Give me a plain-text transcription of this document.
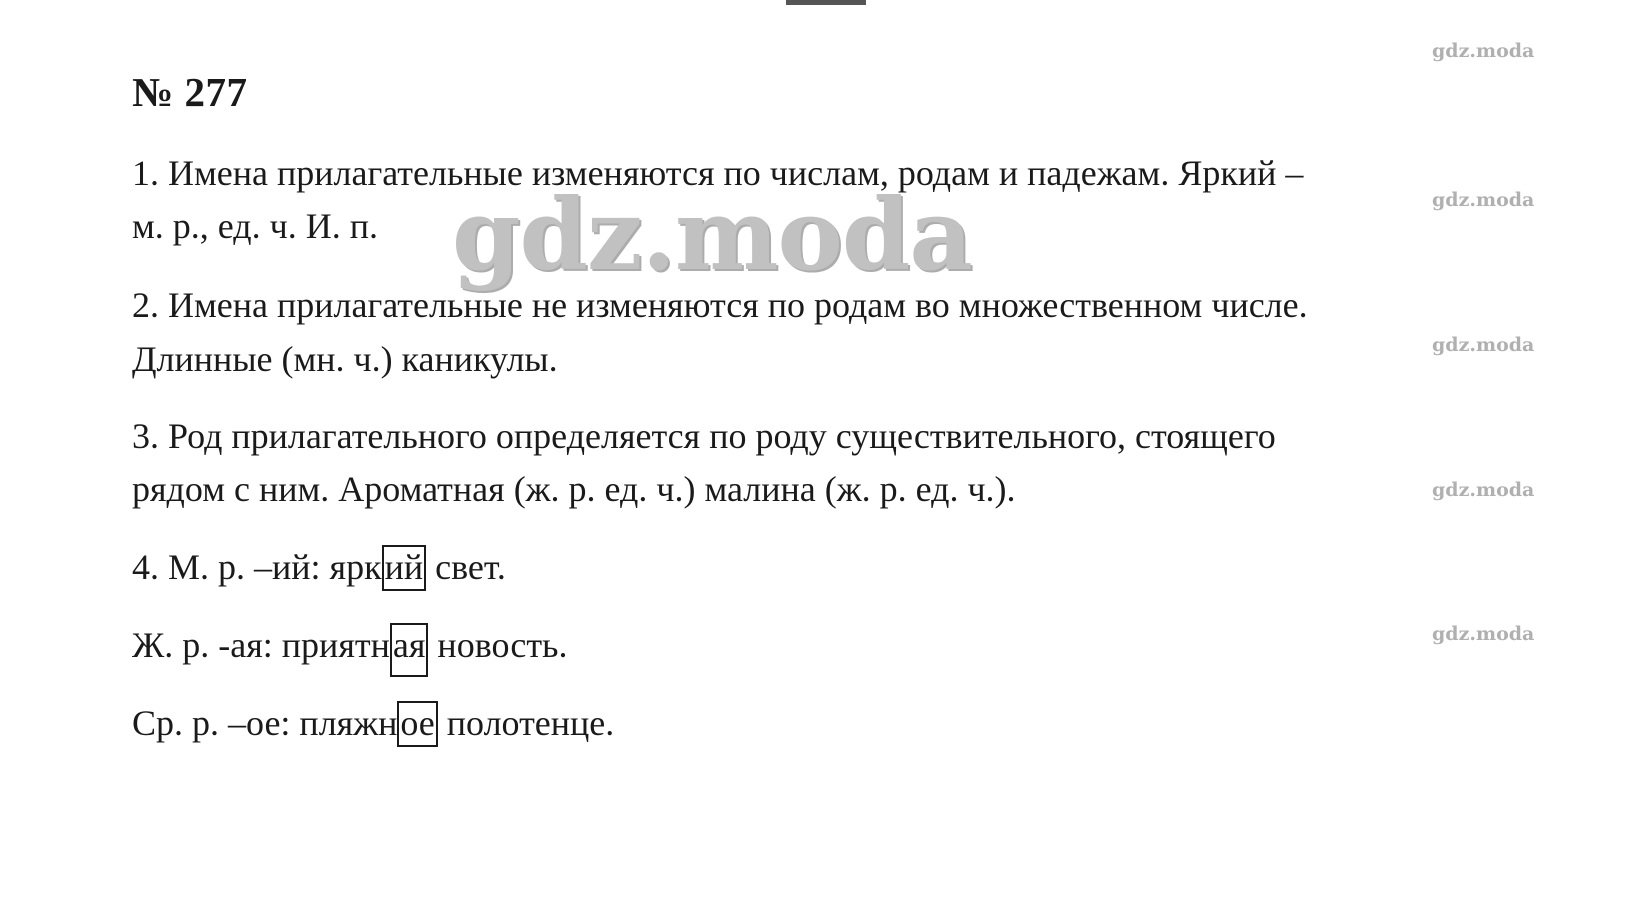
№ 277
1. Имена прилагательные изменяются по числам, родам и падежам. Яркий –
м. р., ед. ч. И. п.
2. Имена прилагательные не изменяются по родам во множественном числе.
Длинные (мн. ч.) каникулы.
3. Род прилагательного определяется по роду существительного, стоящего
рядом с ним. Ароматная (ж. р. ед. ч.) малина (ж. р. ед. ч.).
4. М. р. –ий: яркий свет.
Ж. р. -ая: приятная новость.
Ср. р. –ое: пляжное полотенце.
gdz.moda
gdz.moda
gdz.moda
gdz.moda
gdz.moda
gdz.moda
